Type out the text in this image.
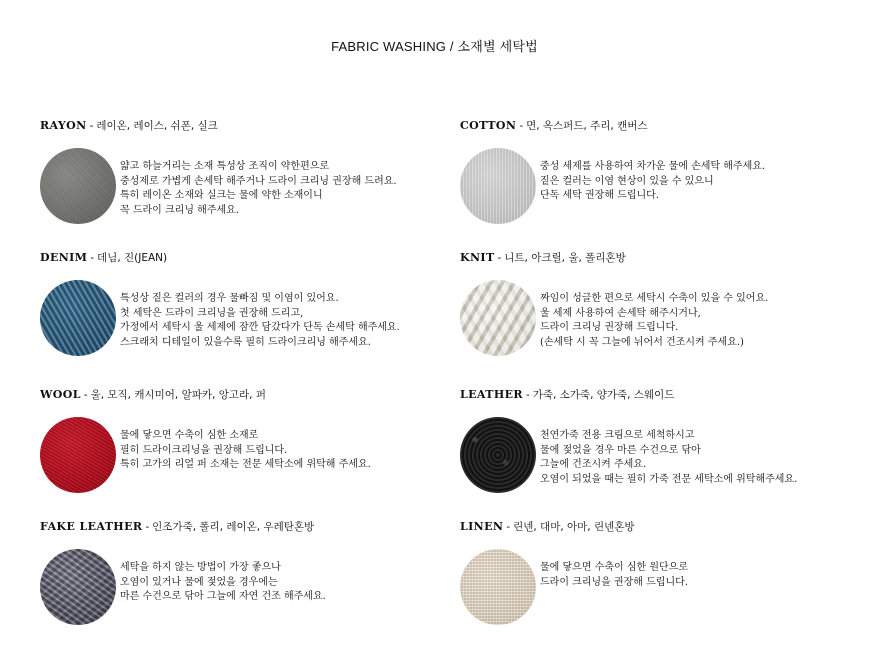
FABRIC WASHING / 소재별 세탁법
RAYON - 레이온, 레이스, 쉬폰, 실크
얇고 하늘거리는 소재 특성상 조직이 약한편으로
중성제로 가볍게 손세탁 해주거나 드라이 크리닝 권장해 드려요.
특히 레이온 소재와 실크는 물에 약한 소재이니
꼭 드라이 크리닝 해주세요.
COTTON - 면, 옥스퍼드, 주리, 캔버스
중성 세제를 사용하여 차가운 물에 손세탁 해주세요.
짙은 컬러는 이염 현상이 있을 수 있으니
단독 세탁 권장해 드립니다.
DENIM - 데님, 진(JEAN)
특성상 짙은 컬러의 경우 물빠짐 및 이염이 있어요.
첫 세탁은 드라이 크리닝을 권장해 드리고,
가정에서 세탁시 울 세제에 잠깐 담갔다가 단독 손세탁 해주세요.
스크래치 디테일이 있을수록 필히 드라이크리닝 해주세요.
KNIT - 니트, 아크릴, 울, 폴리혼방
짜임이 성글한 편으로 세탁시 수축이 있을 수 있어요.
울 세제 사용하여 손세탁 해주시거나,
드라이 크리닝 권장해 드립니다.
(손세탁 시 꼭 그늘에 뉘어서 건조시켜 주세요.)
WOOL - 울, 모직, 캐시미어, 알파카, 앙고라, 퍼
물에 닿으면 수축이 심한 소재로
필히 드라이크리닝을 권장해 드립니다.
특히 고가의 리얼 퍼 소재는 전문 세탁소에 위탁해 주세요.
LEATHER - 가죽, 소가죽, 양가죽, 스웨이드
천연가죽 전용 크림으로 세척하시고
물에 젖었을 경우 마른 수건으로 닦아
그늘에 건조시켜 주세요.
오염이 되었을 때는 필히 가죽 전문 세탁소에 위탁해주세요.
FAKE LEATHER - 인조가죽, 폴리, 레이온, 우레탄혼방
세탁을 하지 않는 방법이 가장 좋으나
오염이 있거나 물에 젖었을 경우에는
마른 수건으로 닦아 그늘에 자연 건조 해주세요.
LINEN - 린넨, 대마, 아마, 린넨혼방
물에 닿으면 수축이 심한 원단으로
드라이 크리닝을 권장해 드립니다.
